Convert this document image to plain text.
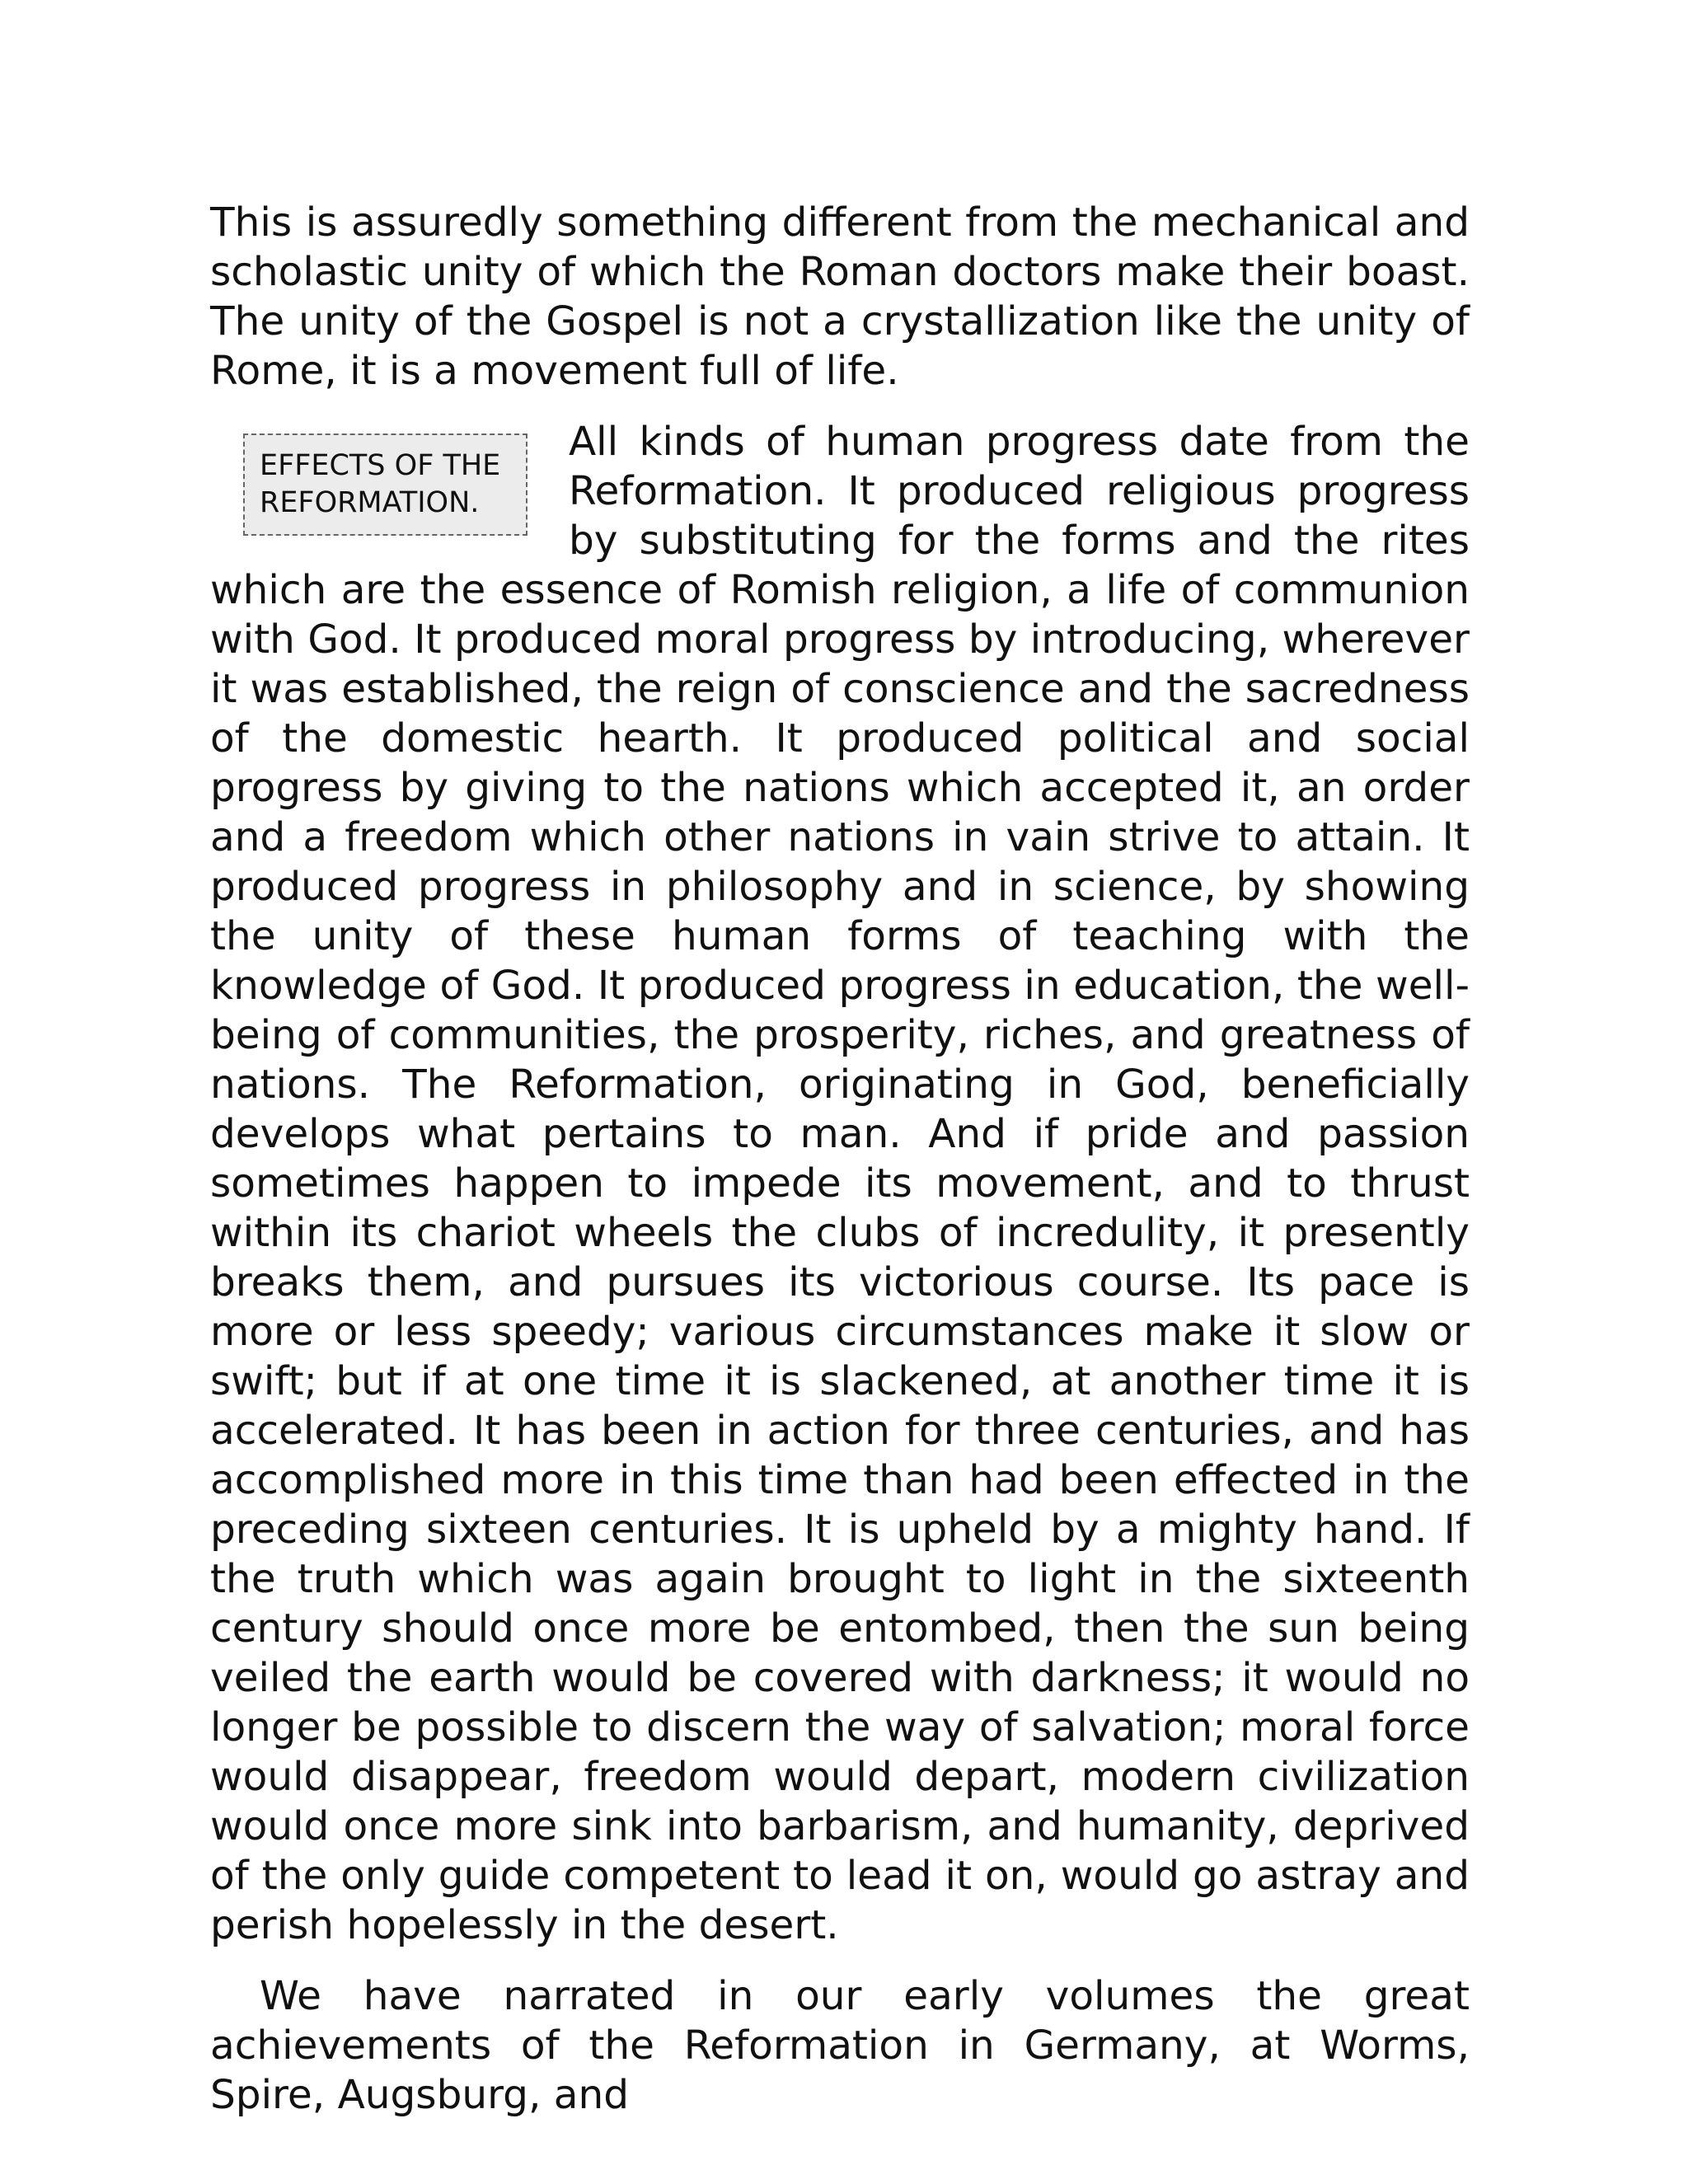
This is assuredly something different from the mechanical and scholastic unity of which the Roman doctors make their boast. The unity of the Gospel is not a crystallization like the unity of Rome, it is a movement full of life.

EFFECTS OF THE REFORMATION.

All kinds of human progress date from the Reformation. It produced religious progress by substituting for the forms and the rites which are the essence of Romish religion, a life of communion with God. It produced moral progress by introducing, wherever it was established, the reign of conscience and the sacredness of the domestic hearth. It produced political and social progress by giving to the nations which accepted it, an order and a freedom which other nations in vain strive to attain. It produced progress in philosophy and in science, by showing the unity of these human forms of teaching with the knowledge of God. It produced progress in education, the well-being of communities, the prosperity, riches, and greatness of nations. The Reformation, originating in God, beneficially develops what pertains to man. And if pride and passion sometimes happen to impede its movement, and to thrust within its chariot wheels the clubs of incredulity, it presently breaks them, and pursues its victorious course. Its pace is more or less speedy; various circumstances make it slow or swift; but if at one time it is slackened, at another time it is accelerated. It has been in action for three centuries, and has accomplished more in this time than had been effected in the preceding sixteen centuries. It is upheld by a mighty hand. If the truth which was again brought to light in the sixteenth century should once more be entombed, then the sun being veiled the earth would be covered with darkness; it would no longer be possible to discern the way of salvation; moral force would disappear, freedom would depart, modern civilization would once more sink into barbarism, and humanity, deprived of the only guide competent to lead it on, would go astray and perish hopelessly in the desert.

We have narrated in our early volumes the great achievements of the Reformation in Germany, at Worms, Spire, Augsburg, and
